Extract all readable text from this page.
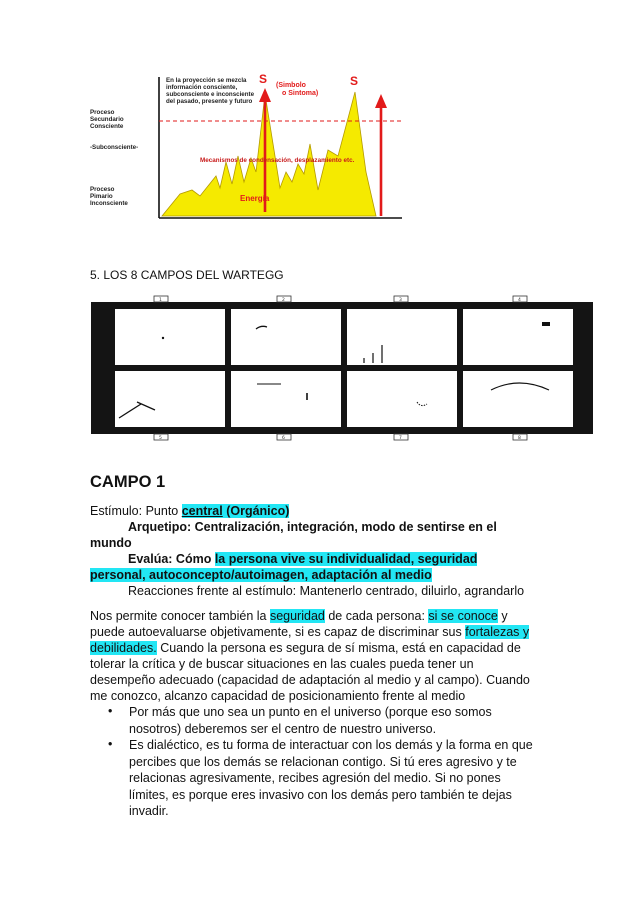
Proceso
Secundario
Consciente
-Subconsciente-
Proceso
Pimario
Inconsciente
En la proyección se mezcla
información consciente,
subconsciente e inconsciente
del pasado, presente y futuro
S	S
(Simbolo
o Sintoma)
Mecanismos de condensación, desplazamiento etc.
Energía
5. LOS 8 CAMPOS DEL WARTEGG
1	2	3	4
5	6	7	8
CAMPO 1
Estímulo: Punto central (Orgánico)
Arquetipo: Centralización, integración, modo de sentirse en el
mundo
Evalúa: Cómo la persona vive su individualidad, seguridad
personal, autoconcepto/autoimagen, adaptación al medio
Reacciones frente al estímulo: Mantenerlo centrado, diluirlo, agrandarlo
Nos permite conocer también la seguridad de cada persona: si se conoce y
puede autoevaluarse objetivamente, si es capaz de discriminar sus fortalezas y
debilidades. Cuando la persona es segura de sí misma, está en capacidad de
tolerar la crítica y de buscar situaciones en las cuales pueda tener un
desempeño adecuado (capacidad de adaptación al medio y al campo). Cuando
me conozco, alcanzo capacidad de posicionamiento frente al medio
• Por más que uno sea un punto en el universo (porque eso somos
nosotros) deberemos ser el centro de nuestro universo.
• Es dialéctico, es tu forma de interactuar con los demás y la forma en que
percibes que los demás se relacionan contigo. Si tú eres agresivo y te
relacionas agresivamente, recibes agresión del medio. Si no pones
límites, es porque eres invasivo con los demás pero también te dejas
invadir.
